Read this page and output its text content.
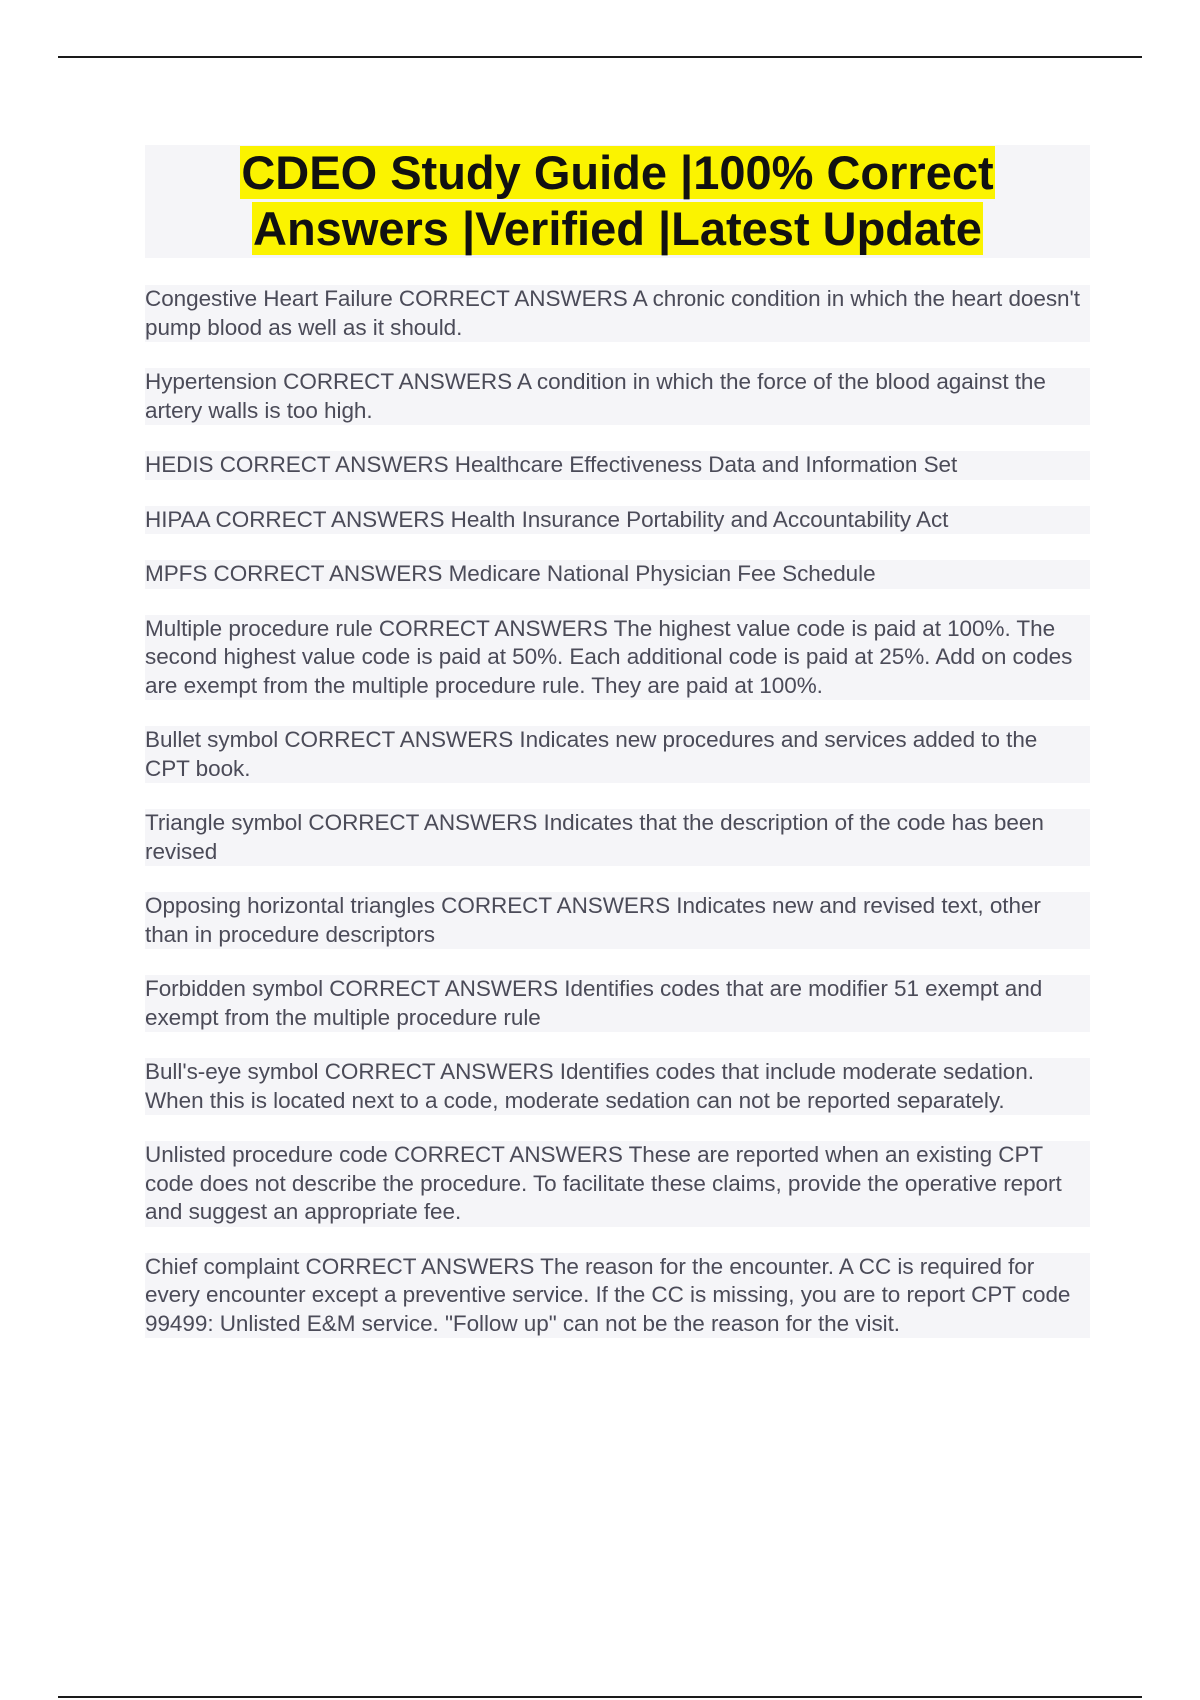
CDEO Study Guide |100% Correct
Answers |Verified |Latest Update
Congestive Heart Failure CORRECT ANSWERS A chronic condition in which the heart doesn't pump blood as well as it should.
Hypertension CORRECT ANSWERS A condition in which the force of the blood against the artery walls is too high.
HEDIS CORRECT ANSWERS Healthcare Effectiveness Data and Information Set
HIPAA CORRECT ANSWERS Health Insurance Portability and Accountability Act
MPFS CORRECT ANSWERS Medicare National Physician Fee Schedule
Multiple procedure rule CORRECT ANSWERS The highest value code is paid at 100%. The second highest value code is paid at 50%. Each additional code is paid at 25%. Add on codes are exempt from the multiple procedure rule. They are paid at 100%.
Bullet symbol CORRECT ANSWERS Indicates new procedures and services added to the CPT book.
Triangle symbol CORRECT ANSWERS Indicates that the description of the code has been revised
Opposing horizontal triangles CORRECT ANSWERS Indicates new and revised text, other than in procedure descriptors
Forbidden symbol CORRECT ANSWERS Identifies codes that are modifier 51 exempt and exempt from the multiple procedure rule
Bull's-eye symbol CORRECT ANSWERS Identifies codes that include moderate sedation. When this is located next to a code, moderate sedation can not be reported separately.
Unlisted procedure code CORRECT ANSWERS These are reported when an existing CPT code does not describe the procedure. To facilitate these claims, provide the operative report and suggest an appropriate fee.
Chief complaint CORRECT ANSWERS The reason for the encounter. A CC is required for every encounter except a preventive service. If the CC is missing, you are to report CPT code 99499: Unlisted E&M service. "Follow up" can not be the reason for the visit.
